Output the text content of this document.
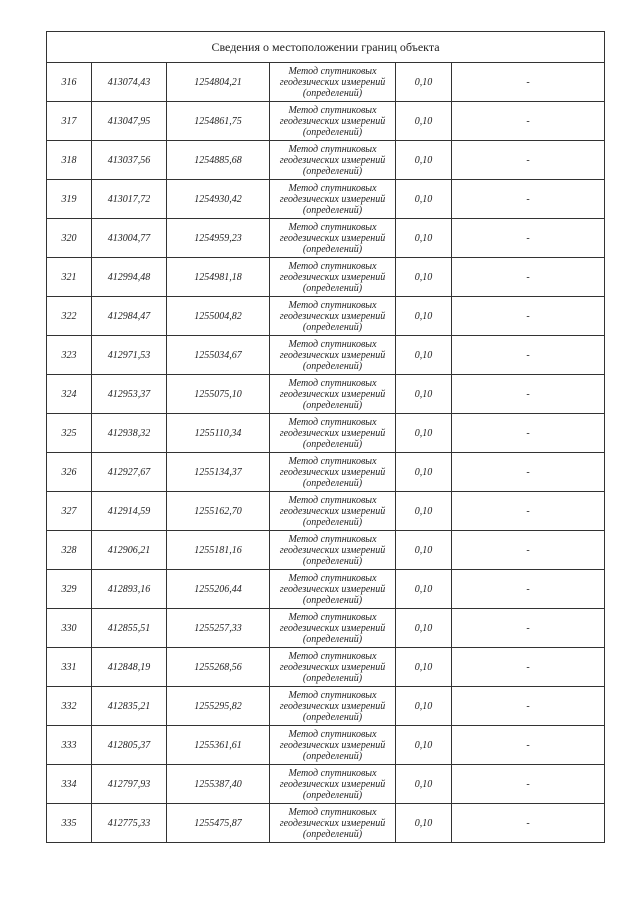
Сведения о местоположении границ объекта					
316	413074,43	1254804,21	Метод спутниковых
геодезических измерений
(определений)	0,10	-
317	413047,95	1254861,75	Метод спутниковых
геодезических измерений
(определений)	0,10	-
318	413037,56	1254885,68	Метод спутниковых
геодезических измерений
(определений)	0,10	-
319	413017,72	1254930,42	Метод спутниковых
геодезических измерений
(определений)	0,10	-
320	413004,77	1254959,23	Метод спутниковых
геодезических измерений
(определений)	0,10	-
321	412994,48	1254981,18	Метод спутниковых
геодезических измерений
(определений)	0,10	-
322	412984,47	1255004,82	Метод спутниковых
геодезических измерений
(определений)	0,10	-
323	412971,53	1255034,67	Метод спутниковых
геодезических измерений
(определений)	0,10	-
324	412953,37	1255075,10	Метод спутниковых
геодезических измерений
(определений)	0,10	-
325	412938,32	1255110,34	Метод спутниковых
геодезических измерений
(определений)	0,10	-
326	412927,67	1255134,37	Метод спутниковых
геодезических измерений
(определений)	0,10	-
327	412914,59	1255162,70	Метод спутниковых
геодезических измерений
(определений)	0,10	-
328	412906,21	1255181,16	Метод спутниковых
геодезических измерений
(определений)	0,10	-
329	412893,16	1255206,44	Метод спутниковых
геодезических измерений
(определений)	0,10	-
330	412855,51	1255257,33	Метод спутниковых
геодезических измерений
(определений)	0,10	-
331	412848,19	1255268,56	Метод спутниковых
геодезических измерений
(определений)	0,10	-
332	412835,21	1255295,82	Метод спутниковых
геодезических измерений
(определений)	0,10	-
333	412805,37	1255361,61	Метод спутниковых
геодезических измерений
(определений)	0,10	-
334	412797,93	1255387,40	Метод спутниковых
геодезических измерений
(определений)	0,10	-
335	412775,33	1255475,87	Метод спутниковых
геодезических измерений
(определений)	0,10	-
